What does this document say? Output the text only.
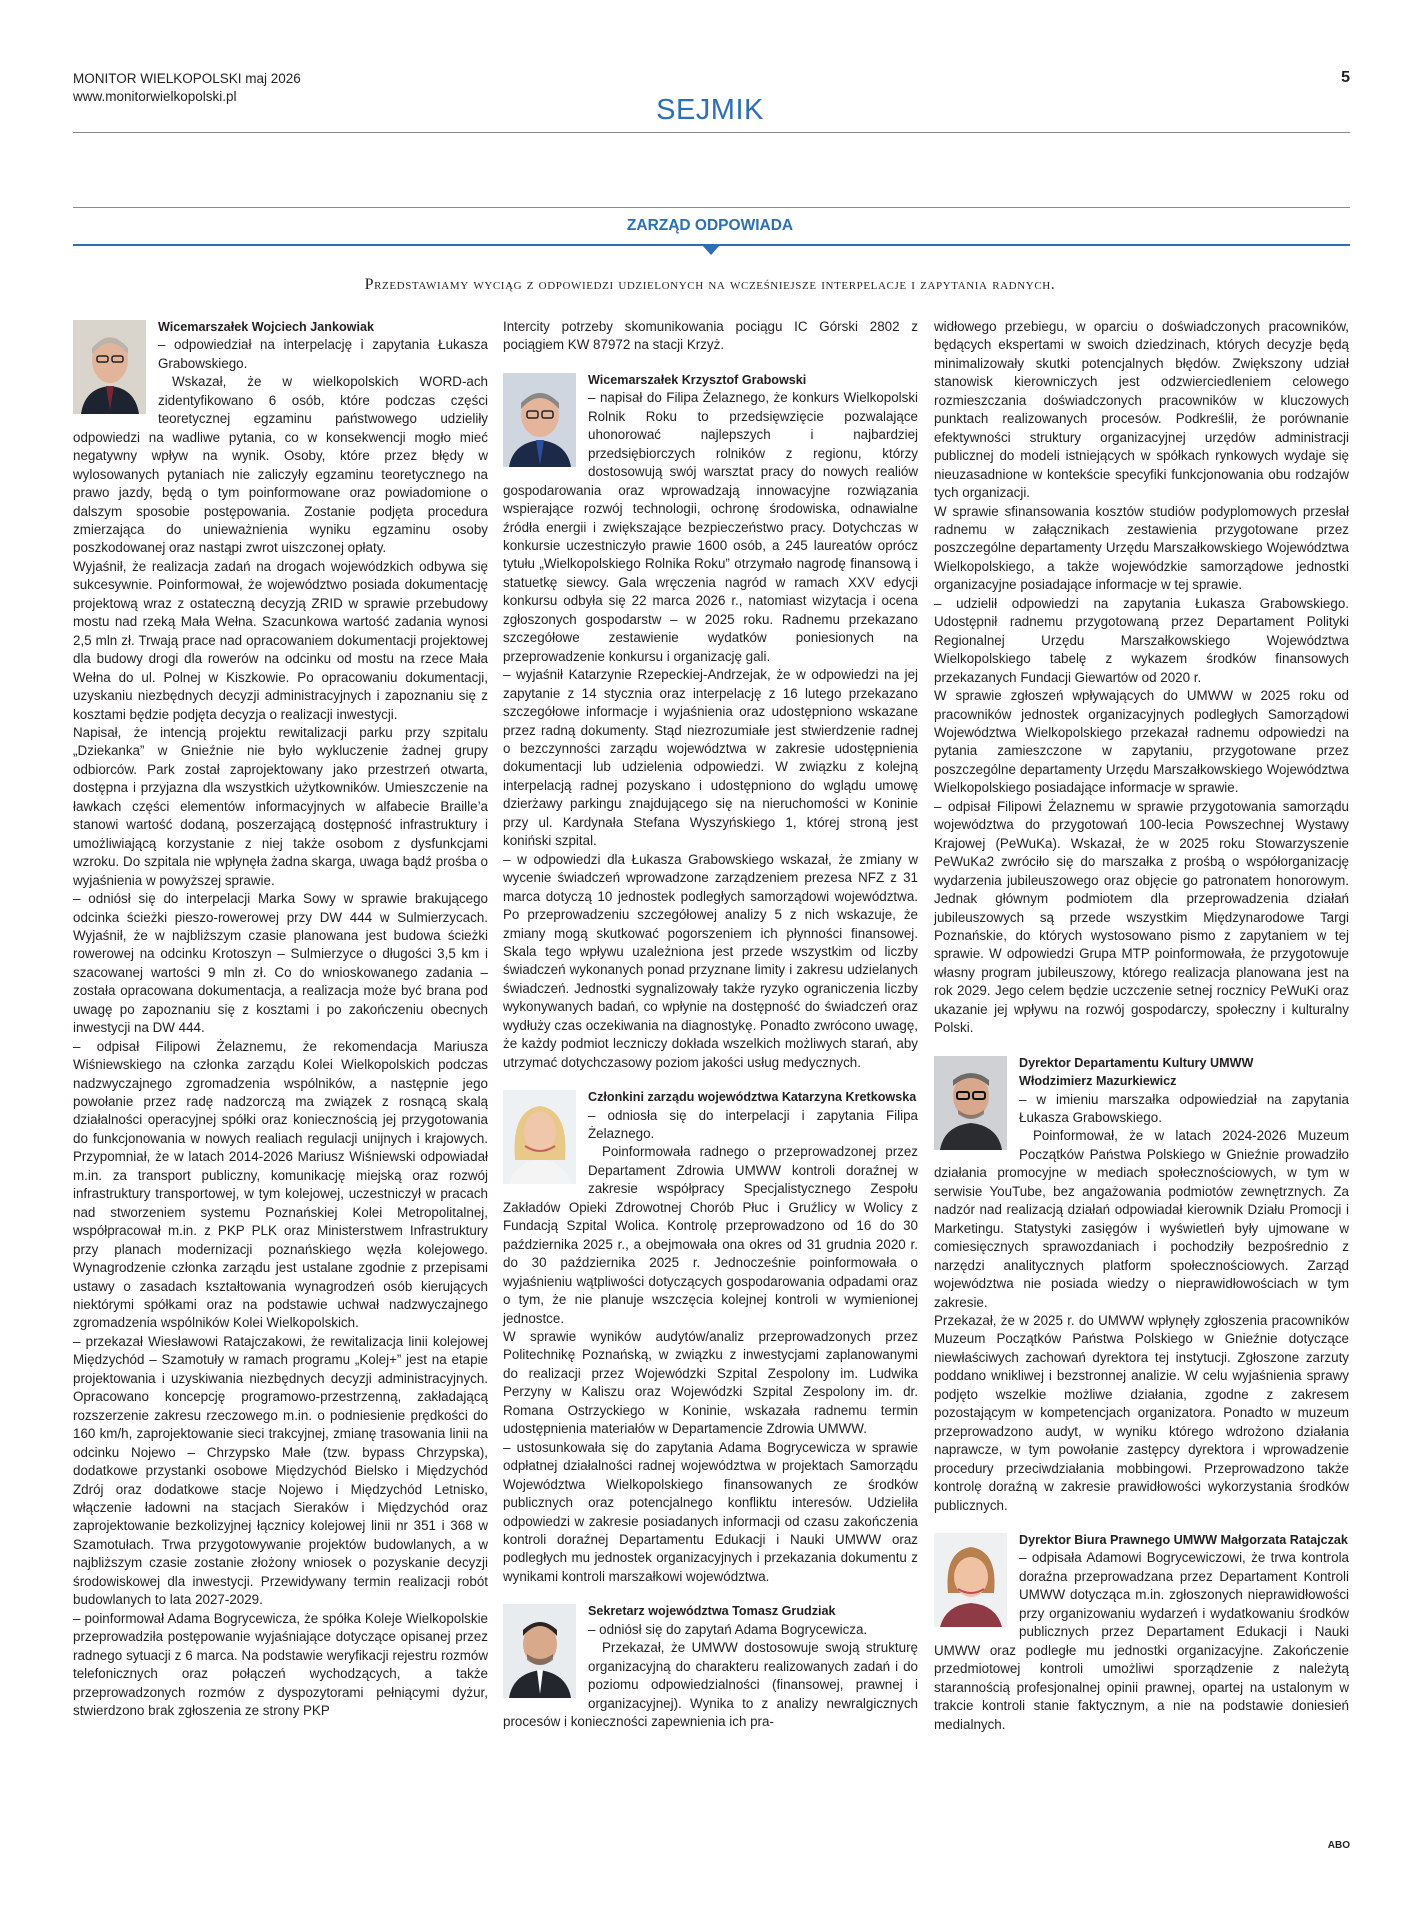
MONITOR WIELKOPOLSKI maj 2026
www.monitorwielkopolski.pl
5
SEJMIK
ZARZĄD ODPOWIADA
Przedstawiamy wyciąg z odpowiedzi udzielonych na wcześniejsze interpelacje i zapytania radnych.

Wicemarszałek Wojciech Jankowiak

– odpowiedział na interpelację i zapytania Łukasza Grabowskiego.

Wskazał, że w wielkopolskich WORD-ach zidentyfikowano 6 osób, które podczas części teoretycznej egzaminu państwowego udzieliły odpowiedzi na wadliwe pytania, co w konsekwencji mogło mieć negatywny wpływ na wynik. Osoby, które przez błędy w wylosowanych pytaniach nie zaliczyły egzaminu teoretycznego na prawo jazdy, będą o tym poinformowane oraz powiadomione o dalszym sposobie postępowania. Zostanie podjęta procedura zmierzająca do unieważnienia wyniku egzaminu osoby poszkodowanej oraz nastąpi zwrot uiszczonej opłaty.

Wyjaśnił, że realizacja zadań na drogach wojewódzkich odbywa się sukcesywnie. Poinformował, że województwo posiada dokumentację projektową wraz z ostateczną decyzją ZRID w sprawie przebudowy mostu nad rzeką Mała Wełna. Szacunkowa wartość zadania wynosi 2,5 mln zł. Trwają prace nad opracowaniem dokumentacji projektowej dla budowy drogi dla rowerów na odcinku od mostu na rzece Mała Wełna do ul. Polnej w Kiszkowie. Po opracowaniu dokumentacji, uzyskaniu niezbędnych decyzji administracyjnych i zapoznaniu się z kosztami będzie podjęta decyzja o realizacji inwestycji.

Napisał, że intencją projektu rewitalizacji parku przy szpitalu „Dziekanka” w Gnieźnie nie było wykluczenie żadnej grupy odbiorców. Park został zaprojektowany jako przestrzeń otwarta, dostępna i przyjazna dla wszystkich użytkowników. Umieszczenie na ławkach części elementów informacyjnych w alfabecie Braille’a stanowi wartość dodaną, poszerzającą dostępność infrastruktury i umożliwiającą korzystanie z niej także osobom z dysfunkcjami wzroku. Do szpitala nie wpłynęła żadna skarga, uwaga bądź prośba o wyjaśnienia w powyższej sprawie.

– odniósł się do interpelacji Marka Sowy w sprawie brakującego odcinka ścieżki pieszo-rowerowej przy DW 444 w Sulmierzycach. Wyjaśnił, że w najbliższym czasie planowana jest budowa ścieżki rowerowej na odcinku Krotoszyn – Sulmierzyce o długości 3,5 km i szacowanej wartości 9 mln zł. Co do wnioskowanego zadania – została opracowana dokumentacja, a realizacja może być brana pod uwagę po zapoznaniu się z kosztami i po zakończeniu obecnych inwestycji na DW 444.

– odpisał Filipowi Żelaznemu, że rekomendacja Mariusza Wiśniewskiego na członka zarządu Kolei Wielkopolskich podczas nadzwyczajnego zgromadzenia wspólników, a następnie jego powołanie przez radę nadzorczą ma związek z rosnącą skalą działalności operacyjnej spółki oraz koniecznością jej przygotowania do funkcjonowania w nowych realiach regulacji unijnych i krajowych. Przypomniał, że w latach 2014-2026 Mariusz Wiśniewski odpowiadał m.in. za transport publiczny, komunikację miejską oraz rozwój infrastruktury transportowej, w tym kolejowej, uczestniczył w pracach nad stworzeniem systemu Poznańskiej Kolei Metropolitalnej, współpracował m.in. z PKP PLK oraz Ministerstwem Infrastruktury przy planach modernizacji poznańskiego węzła kolejowego. Wynagrodzenie członka zarządu jest ustalane zgodnie z przepisami ustawy o zasadach kształtowania wynagrodzeń osób kierujących niektórymi spółkami oraz na podstawie uchwał nadzwyczajnego zgromadzenia wspólników Kolei Wielkopolskich.

– przekazał Wiesławowi Ratajczakowi, że rewitalizacja linii kolejowej Międzychód – Szamotuły w ramach programu „Kolej+” jest na etapie projektowania i uzyskiwania niezbędnych decyzji administracyjnych. Opracowano koncepcję programowo-przestrzenną, zakładającą rozszerzenie zakresu rzeczowego m.in. o podniesienie prędkości do 160 km/h, zaprojektowanie sieci trakcyjnej, zmianę trasowania linii na odcinku Nojewo – Chrzypsko Małe (tzw. bypass Chrzypska), dodatkowe przystanki osobowe Międzychód Bielsko i Międzychód Zdrój oraz dodatkowe stacje Nojewo i Międzychód Letnisko, włączenie ładowni na stacjach Sieraków i Międzychód oraz zaprojektowanie bezkolizyjnej łącznicy kolejowej linii nr 351 i 368 w Szamotułach. Trwa przygotowywanie projektów budowlanych, a w najbliższym czasie zostanie złożony wniosek o pozyskanie decyzji środowiskowej dla inwestycji. Przewidywany termin realizacji robót budowlanych to lata 2027-2029.

– poinformował Adama Bogrycewicza, że spółka Koleje Wielkopolskie przeprowadziła postępowanie wyjaśniające dotyczące opisanej przez radnego sytuacji z 6 marca. Na podstawie weryfikacji rejestru rozmów telefonicznych oraz połączeń wychodzących, a także przeprowadzonych rozmów z dyspozytorami pełniącymi dyżur, stwierdzono brak zgłoszenia ze strony PKP

Intercity potrzeby skomunikowania pociągu IC Górski 2802 z pociągiem KW 87972 na stacji Krzyż.

Wicemarszałek Krzysztof Grabowski

– napisał do Filipa Żelaznego, że konkurs Wielkopolski Rolnik Roku to przedsięwzięcie pozwalające uhonorować najlepszych i najbardziej przedsiębiorczych rolników z regionu, którzy dostosowują swój warsztat pracy do nowych realiów gospodarowania oraz wprowadzają innowacyjne rozwiązania wspierające rozwój technologii, ochronę środowiska, odnawialne źródła energii i zwiększające bezpieczeństwo pracy. Dotychczas w konkursie uczestniczyło prawie 1600 osób, a 245 laureatów oprócz tytułu „Wielkopolskiego Rolnika Roku” otrzymało nagrodę finansową i statuetkę siewcy. Gala wręczenia nagród w ramach XXV edycji konkursu odbyła się 22 marca 2026 r., natomiast wizytacja i ocena zgłoszonych gospodarstw – w 2025 roku. Radnemu przekazano szczegółowe zestawienie wydatków poniesionych na przeprowadzenie konkursu i organizację gali.

– wyjaśnił Katarzynie Rzepeckiej-Andrzejak, że w odpowiedzi na jej zapytanie z 14 stycznia oraz interpelację z 16 lutego przekazano szczegółowe informacje i wyjaśnienia oraz udostępniono wskazane przez radną dokumenty. Stąd niezrozumiałe jest stwierdzenie radnej o bezczynności zarządu województwa w zakresie udostępnienia dokumentacji lub udzielenia odpowiedzi. W związku z kolejną interpelacją radnej pozyskano i udostępniono do wglądu umowę dzierżawy parkingu znajdującego się na nieruchomości w Koninie przy ul. Kardynała Stefana Wyszyńskiego 1, której stroną jest koniński szpital.

– w odpowiedzi dla Łukasza Grabowskiego wskazał, że zmiany w wycenie świadczeń wprowadzone zarządzeniem prezesa NFZ z 31 marca dotyczą 10 jednostek podległych samorządowi województwa. Po przeprowadzeniu szczegółowej analizy 5 z nich wskazuje, że zmiany mogą skutkować pogorszeniem ich płynności finansowej. Skala tego wpływu uzależniona jest przede wszystkim od liczby świadczeń wykonanych ponad przyznane limity i zakresu udzielanych świadczeń. Jednostki sygnalizowały także ryzyko ograniczenia liczby wykonywanych badań, co wpłynie na dostępność do świadczeń oraz wydłuży czas oczekiwania na diagnostykę. Ponadto zwrócono uwagę, że każdy podmiot leczniczy dokłada wszelkich możliwych starań, aby utrzymać dotychczasowy poziom jakości usług medycznych.

Członkini zarządu województwa Katarzyna Kretkowska

– odniosła się do interpelacji i zapytania Filipa Żelaznego.

Poinformowała radnego o przeprowadzonej przez Departament Zdrowia UMWW kontroli doraźnej w zakresie współpracy Specjalistycznego Zespołu Zakładów Opieki Zdrowotnej Chorób Płuc i Gruźlicy w Wolicy z Fundacją Szpital Wolica. Kontrolę przeprowadzono od 16 do 30 października 2025 r., a obejmowała ona okres od 31 grudnia 2020 r. do 30 października 2025 r. Jednocześnie poinformowała o wyjaśnieniu wątpliwości dotyczących gospodarowania odpadami oraz o tym, że nie planuje wszczęcia kolejnej kontroli w wymienionej jednostce.

W sprawie wyników audytów/analiz przeprowadzonych przez Politechnikę Poznańską, w związku z inwestycjami zaplanowanymi do realizacji przez Wojewódzki Szpital Zespolony im. Ludwika Perzyny w Kaliszu oraz Wojewódzki Szpital Zespolony im. dr. Romana Ostrzyckiego w Koninie, wskazała radnemu termin udostępnienia materiałów w Departamencie Zdrowia UMWW.

– ustosunkowała się do zapytania Adama Bogrycewicza w sprawie odpłatnej działalności radnej województwa w projektach Samorządu Województwa Wielkopolskiego finansowanych ze środków publicznych oraz potencjalnego konfliktu interesów. Udzieliła odpowiedzi w zakresie posiadanych informacji od czasu zakończenia kontroli doraźnej Departamentu Edukacji i Nauki UMWW oraz podległych mu jednostek organizacyjnych i przekazania dokumentu z wynikami kontroli marszałkowi województwa.

Sekretarz województwa Tomasz Grudziak

– odniósł się do zapytań Adama Bogrycewicza.

Przekazał, że UMWW dostosowuje swoją strukturę organizacyjną do charakteru realizowanych zadań i do poziomu odpowiedzialności (finansowej, prawnej i organizacyjnej). Wynika to z analizy newralgicznych procesów i konieczności zapewnienia ich pra-

widłowego przebiegu, w oparciu o doświadczonych pracowników, będących ekspertami w swoich dziedzinach, których decyzje będą minimalizowały skutki potencjalnych błędów. Zwiększony udział stanowisk kierowniczych jest odzwierciedleniem celowego rozmieszczania doświadczonych pracowników w kluczowych punktach realizowanych procesów. Podkreślił, że porównanie efektywności struktury organizacyjnej urzędów administracji publicznej do modeli istniejących w spółkach rynkowych wydaje się nieuzasadnione w kontekście specyfiki funkcjonowania obu rodzajów tych organizacji.

W sprawie sfinansowania kosztów studiów podyplomowych przesłał radnemu w załącznikach zestawienia przygotowane przez poszczególne departamenty Urzędu Marszałkowskiego Województwa Wielkopolskiego, a także wojewódzkie samorządowe jednostki organizacyjne posiadające informacje w tej sprawie.

– udzielił odpowiedzi na zapytania Łukasza Grabowskiego. Udostępnił radnemu przygotowaną przez Departament Polityki Regionalnej Urzędu Marszałkowskiego Województwa Wielkopolskiego tabelę z wykazem środków finansowych przekazanych Fundacji Giewartów od 2020 r.

W sprawie zgłoszeń wpływających do UMWW w 2025 roku od pracowników jednostek organizacyjnych podległych Samorządowi Województwa Wielkopolskiego przekazał radnemu odpowiedzi na pytania zamieszczone w zapytaniu, przygotowane przez poszczególne departamenty Urzędu Marszałkowskiego Województwa Wielkopolskiego posiadające informacje w sprawie.

– odpisał Filipowi Żelaznemu w sprawie przygotowania samorządu województwa do przygotowań 100-lecia Powszechnej Wystawy Krajowej (PeWuKa). Wskazał, że w 2025 roku Stowarzyszenie PeWuKa2 zwróciło się do marszałka z prośbą o współorganizację wydarzenia jubileuszowego oraz objęcie go patronatem honorowym. Jednak głównym podmiotem dla przeprowadzenia działań jubileuszowych są przede wszystkim Międzynarodowe Targi Poznańskie, do których wystosowano pismo z zapytaniem w tej sprawie. W odpowiedzi Grupa MTP poinformowała, że przygotowuje własny program jubileuszowy, którego realizacja planowana jest na rok 2029. Jego celem będzie uczczenie setnej rocznicy PeWuKi oraz ukazanie jej wpływu na rozwój gospodarczy, społeczny i kulturalny Polski.

Dyrektor Departamentu Kultury UMWW

Włodzimierz Mazurkiewicz

– w imieniu marszałka odpowiedział na zapytania Łukasza Grabowskiego.

Poinformował, że w latach 2024-2026 Muzeum Początków Państwa Polskiego w Gnieźnie prowadziło działania promocyjne w mediach społecznościowych, w tym w serwisie YouTube, bez angażowania podmiotów zewnętrznych. Za nadzór nad realizacją działań odpowiadał kierownik Działu Promocji i Marketingu. Statystyki zasięgów i wyświetleń były ujmowane w comiesięcznych sprawozdaniach i pochodziły bezpośrednio z narzędzi analitycznych platform społecznościowych. Zarząd województwa nie posiada wiedzy o nieprawidłowościach w tym zakresie.

Przekazał, że w 2025 r. do UMWW wpłynęły zgłoszenia pracowników Muzeum Początków Państwa Polskiego w Gnieźnie dotyczące niewłaściwych zachowań dyrektora tej instytucji. Zgłoszone zarzuty poddano wnikliwej i bezstronnej analizie. W celu wyjaśnienia sprawy podjęto wszelkie możliwe działania, zgodne z zakresem pozostającym w kompetencjach organizatora. Ponadto w muzeum przeprowadzono audyt, w wyniku którego wdrożono działania naprawcze, w tym powołanie zastępcy dyrektora i wprowadzenie procedury przeciwdziałania mobbingowi. Przeprowadzono także kontrolę doraźną w zakresie prawidłowości wykorzystania środków publicznych.

Dyrektor Biura Prawnego UMWW Małgorzata Ratajczak

– odpisała Adamowi Bogrycewiczowi, że trwa kontrola doraźna przeprowadzana przez Departament Kontroli UMWW dotycząca m.in. zgłoszonych nieprawidłowości przy organizowaniu wydarzeń i wydatkowaniu środków publicznych przez Departament Edukacji i Nauki UMWW oraz podległe mu jednostki organizacyjne. Zakończenie przedmiotowej kontroli umożliwi sporządzenie z należytą starannością profesjonalnej opinii prawnej, opartej na ustalonym w trakcie kontroli stanie faktycznym, a nie na podstawie doniesień medialnych.

ABO
